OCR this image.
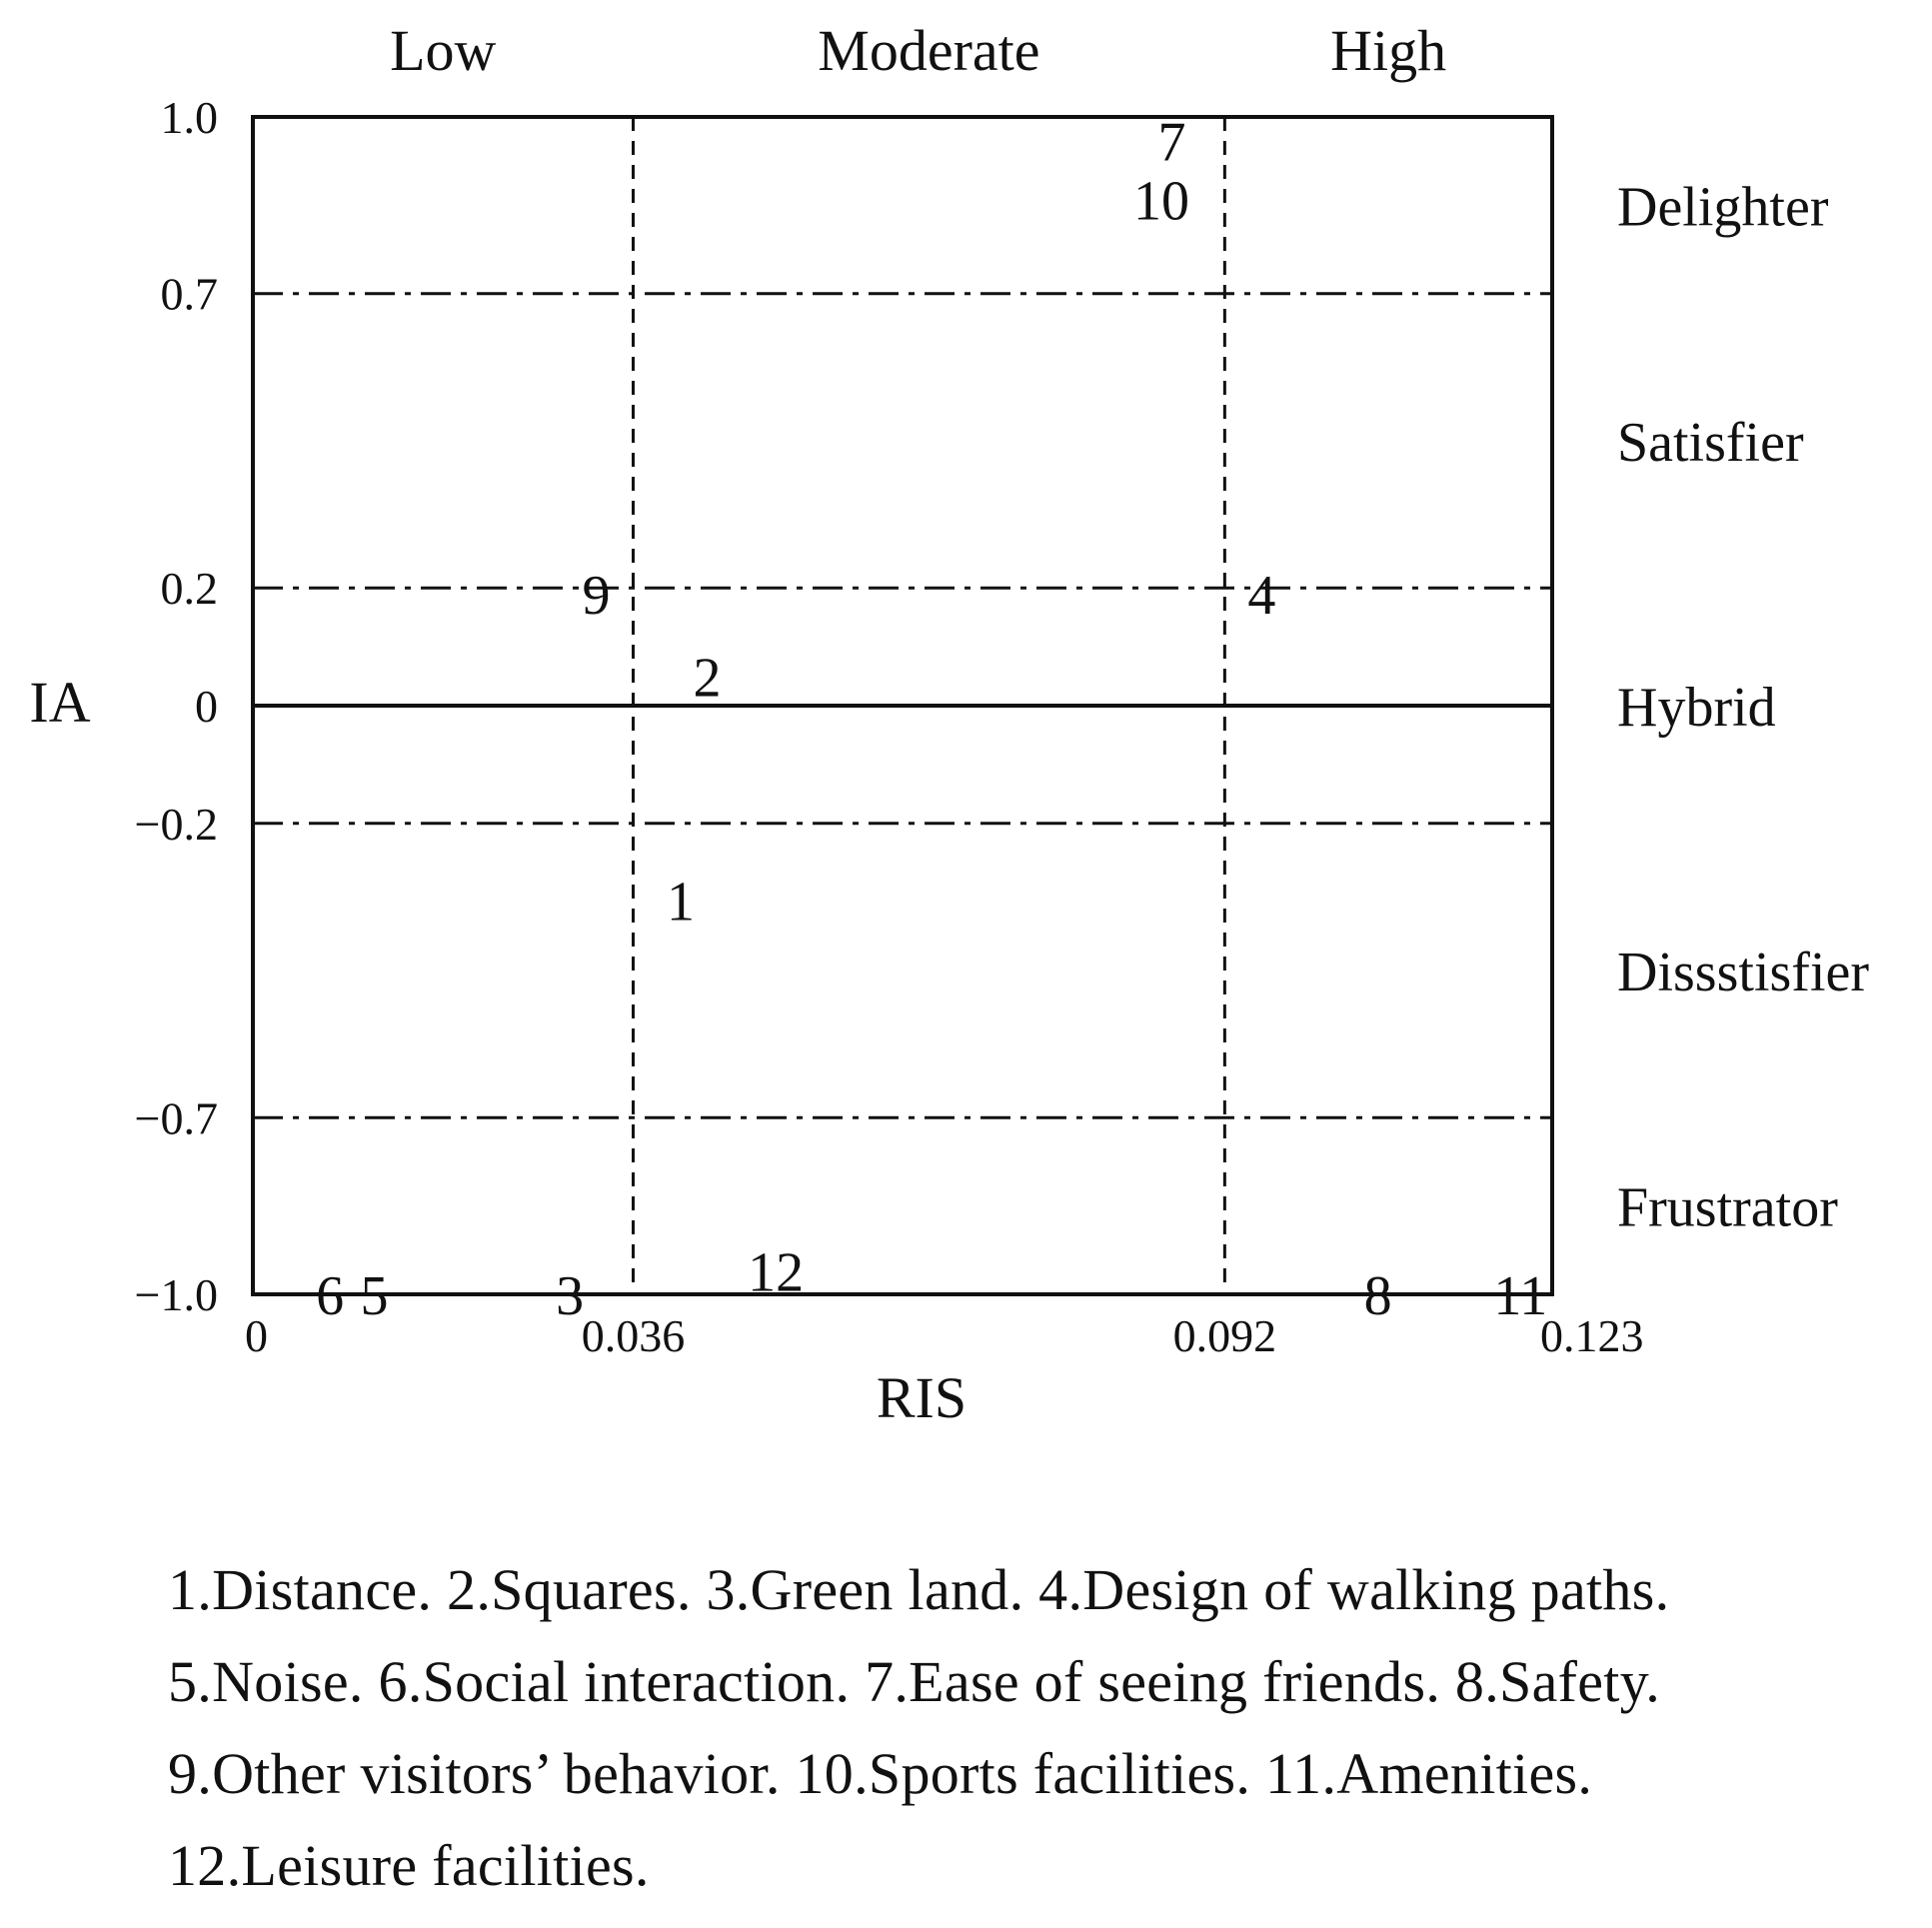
1.0
0.7
0.2
0
−0.2
−0.7
−1.0
0	0.036	0.092	0.123
Low	Moderate	High
Delighter
Satisfier
Hybrid
Dissstisfier
Frustrator
1
2
3
4
5
6
7
8
9
10
11
12
RIS
IA
1.Distance. 2.Squares. 3.Green land. 4.Design of walking paths.
5.Noise. 6.Social interaction. 7.Ease of seeing friends. 8.Safety.
9.Other visitors’ behavior. 10.Sports facilities. 11.Amenities.
12.Leisure facilities.
